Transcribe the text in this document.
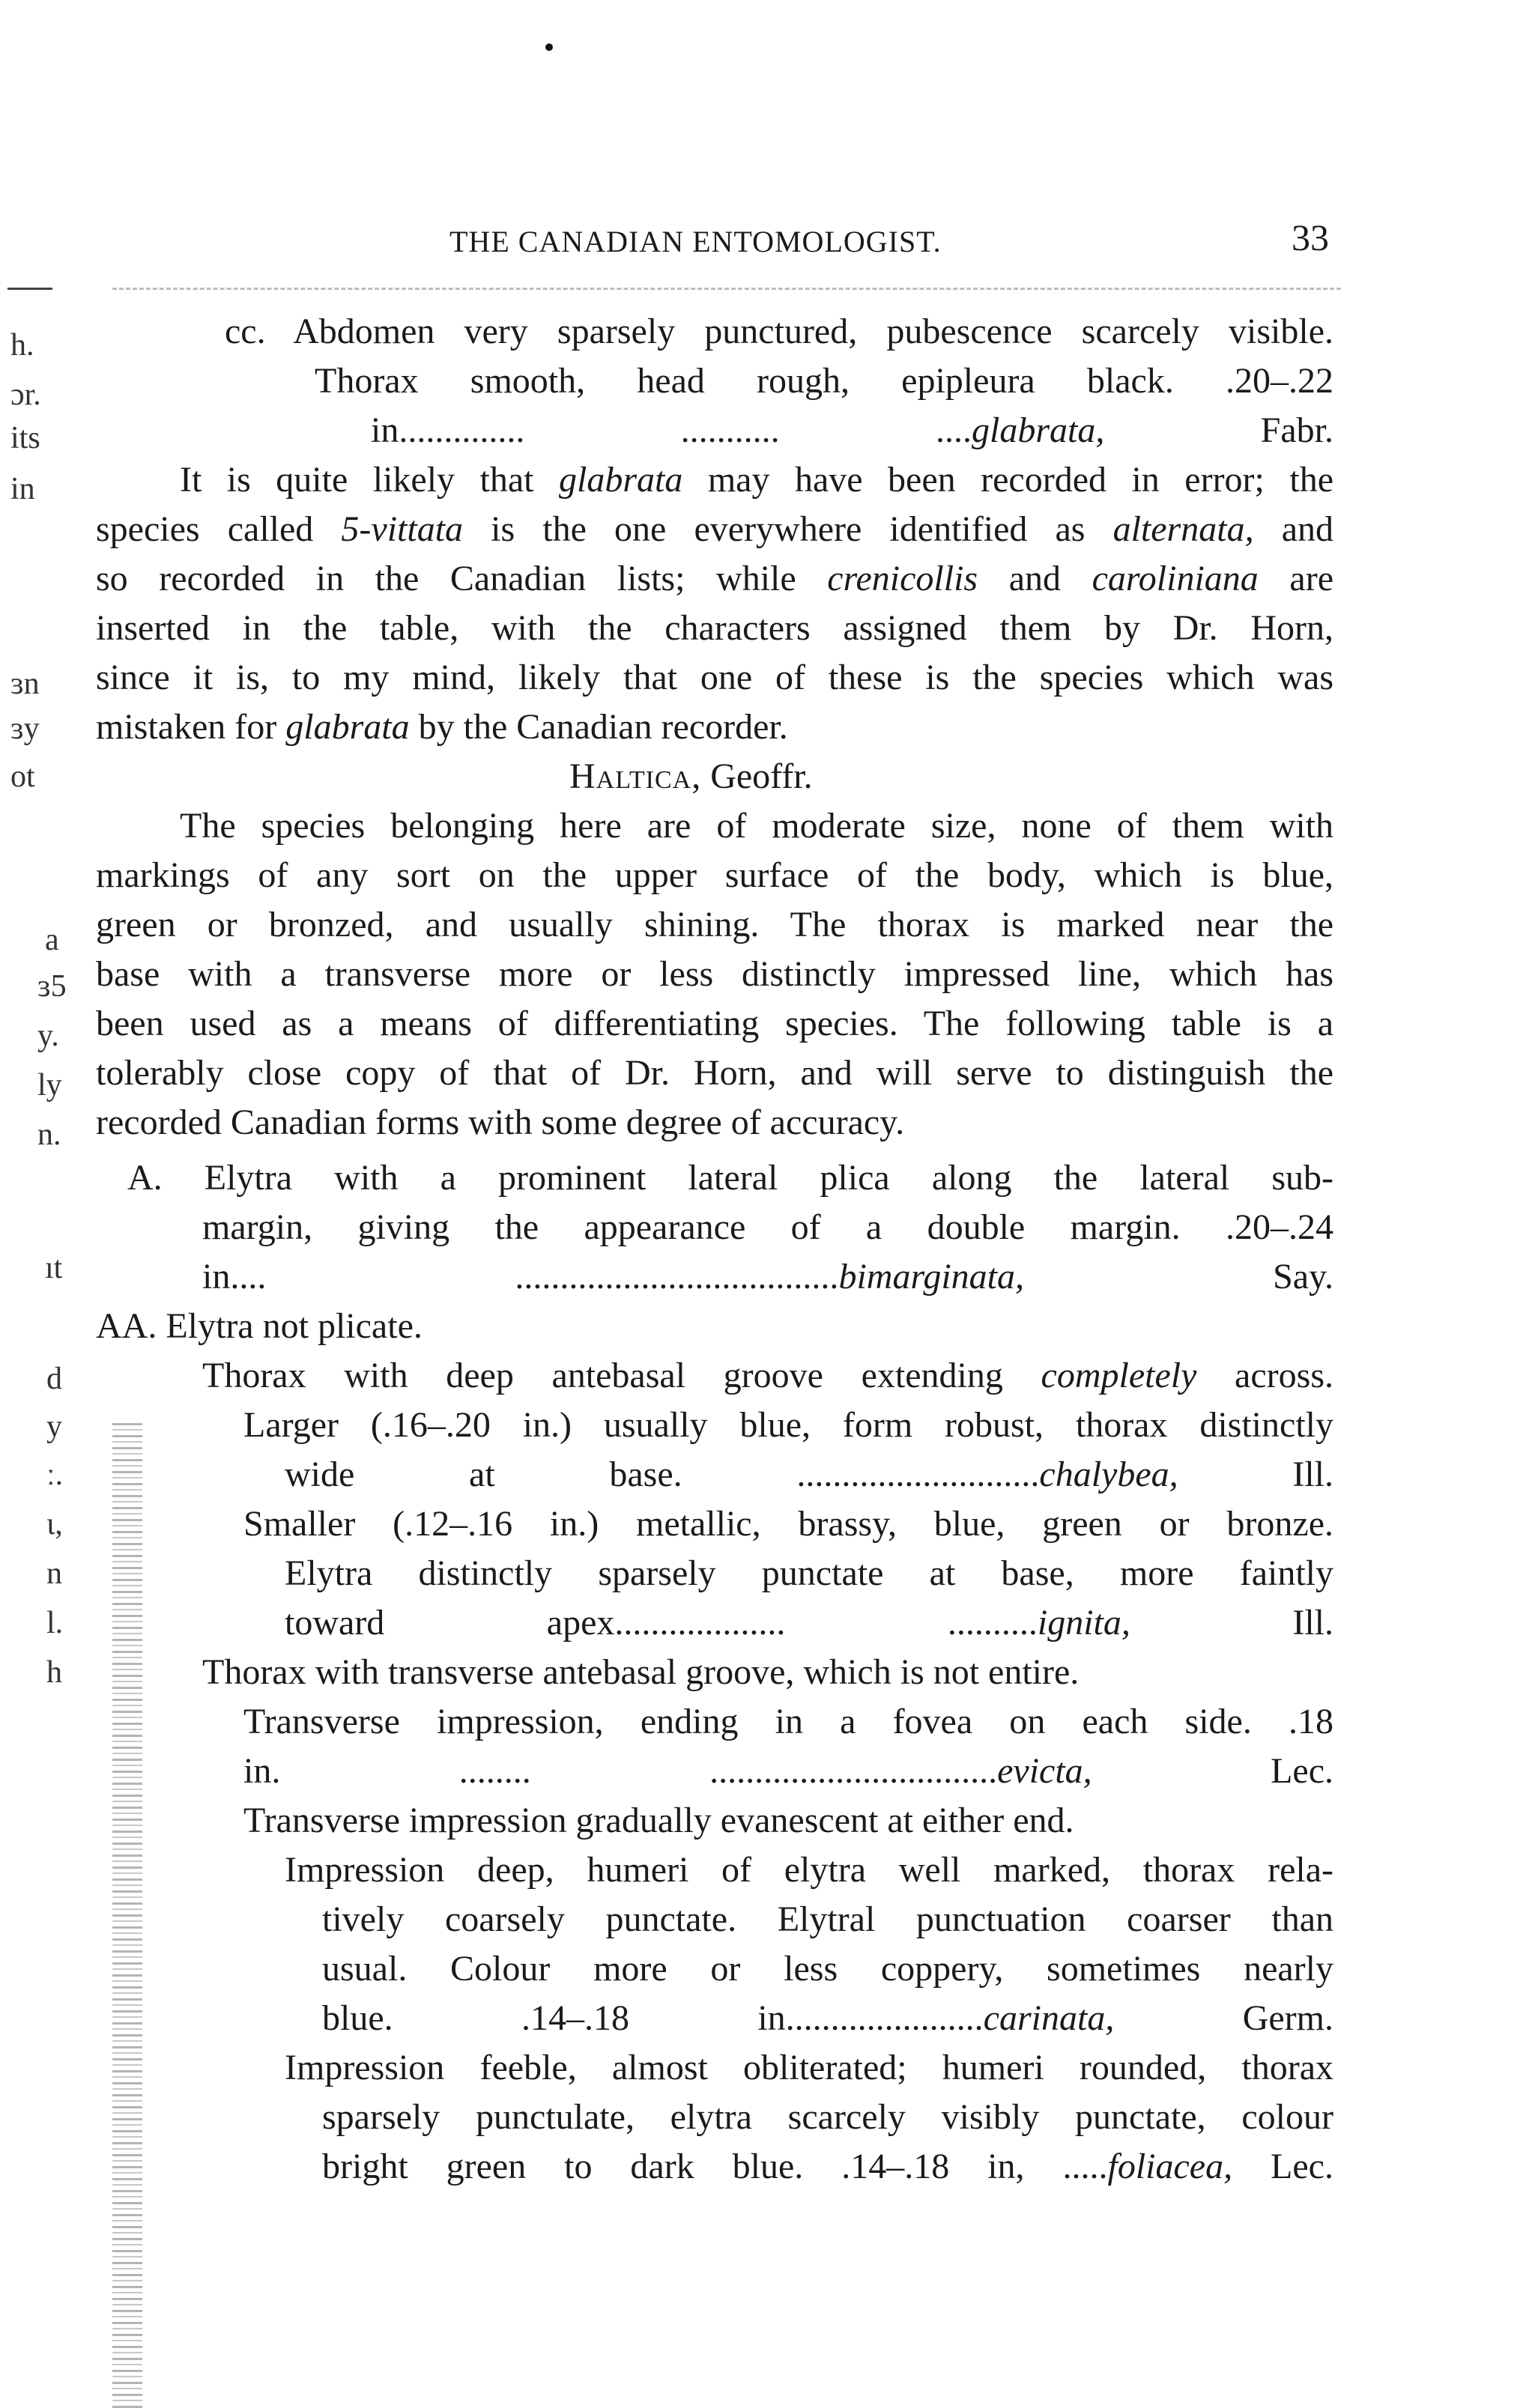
THE CANADIAN ENTOMOLOGIST.	33
h.
ɔr.
its
in
ɜn
ɜy
ot
a
ɜ5
y.
ly
n.
ıt
d
y
ː.
ɩ,
n
l.
h
cc. Abdomen very sparsely punctured, pubescence scarcely visible.
Thorax smooth, head rough, epipleura black. .20–.22
in.............. ........... ....glabrata, Fabr.
It is quite likely that glabrata may have been recorded in error; the
species called 5-vittata is the one everywhere identified as alternata, and
so recorded in the Canadian lists; while crenicollis and caroliniana are
inserted in the table, with the characters assigned them by Dr. Horn,
since it is, to my mind, likely that one of these is the species which was
mistaken for glabrata by the Canadian recorder.
Haltica, Geoffr.
The species belonging here are of moderate size, none of them with
markings of any sort on the upper surface of the body, which is blue,
green or bronzed, and usually shining. The thorax is marked near the
base with a transverse more or less distinctly impressed line, which has
been used as a means of differentiating species. The following table is a
tolerably close copy of that of Dr. Horn, and will serve to distinguish the
recorded Canadian forms with some degree of accuracy.
A. Elytra with a prominent lateral plica along the lateral sub-
margin, giving the appearance of a double margin. .20–.24
in.... ....................................bimarginata, Say.
AA. Elytra not plicate.
Thorax with deep antebasal groove extending completely across.
Larger (.16–.20 in.) usually blue, form robust, thorax distinctly
wide at base. ...........................chalybea, Ill.
Smaller (.12–.16 in.) metallic, brassy, blue, green or bronze.
Elytra distinctly sparsely punctate at base, more faintly
toward apex................... ..........ignita, Ill.
Thorax with transverse antebasal groove, which is not entire.
Transverse impression, ending in a fovea on each side. .18
in. ........ ................................evicta, Lec.
Transverse impression gradually evanescent at either end.
Impression deep, humeri of elytra well marked, thorax rela-
tively coarsely punctate. Elytral punctuation coarser than
usual. Colour more or less coppery, sometimes nearly
blue. .14–.18 in......................carinata, Germ.
Impression feeble, almost obliterated; humeri rounded, thorax
sparsely punctulate, elytra scarcely visibly punctate, colour
bright green to dark blue. .14–.18 in, .....foliacea, Lec.
